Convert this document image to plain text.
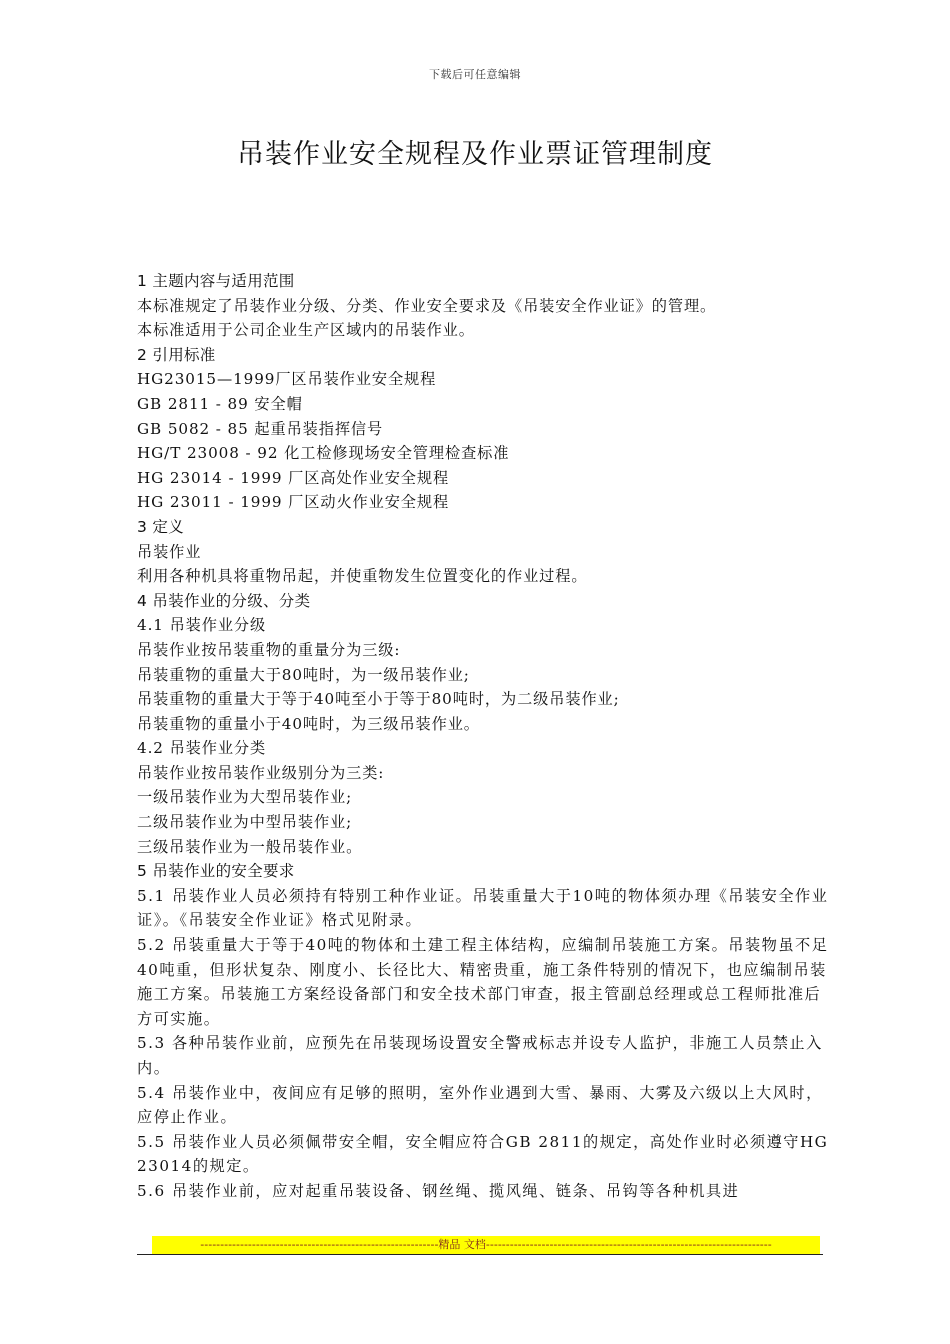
下载后可任意编辑
吊装作业安全规程及作业票证管理制度
1 主题内容与适用范围
本标准规定了吊装作业分级、分类、作业安全要求及《吊装安全作业证》的管理。
本标准适用于公司企业生产区域内的吊装作业。
2 引用标准
HG23015—1999厂区吊装作业安全规程
GB 2811 - 89 安全帽
GB 5082 - 85 起重吊装指挥信号
HG/T 23008 - 92 化工检修现场安全管理检查标准
HG 23014 - 1999 厂区高处作业安全规程
HG 23011 - 1999 厂区动火作业安全规程
3 定义
吊装作业
利用各种机具将重物吊起，并使重物发生位置变化的作业过程。
4 吊装作业的分级、分类
4.1 吊装作业分级
吊装作业按吊装重物的重量分为三级:
吊装重物的重量大于80吨时，为一级吊装作业;
吊装重物的重量大于等于40吨至小于等于80吨时，为二级吊装作业;
吊装重物的重量小于40吨时，为三级吊装作业。
4.2 吊装作业分类
吊装作业按吊装作业级别分为三类:
一级吊装作业为大型吊装作业;
二级吊装作业为中型吊装作业;
三级吊装作业为一般吊装作业。
5 吊装作业的安全要求
5.1 吊装作业人员必须持有特别工种作业证。吊装重量大于10吨的物体须办理《吊装安全作业证》。《吊装安全作业证》格式见附录。
5.2 吊装重量大于等于40吨的物体和土建工程主体结构，应编制吊装施工方案。吊装物虽不足40吨重，但形状复杂、刚度小、长径比大、精密贵重，施工条件特别的情况下，也应编制吊装施工方案。吊装施工方案经设备部门和安全技术部门审查，报主管副总经理或总工程师批准后方可实施。
5.3 各种吊装作业前，应预先在吊装现场设置安全警戒标志并设专人监护，非施工人员禁止入内。
5.4 吊装作业中，夜间应有足够的照明，室外作业遇到大雪、暴雨、大雾及六级以上大风时，应停止作业。
5.5 吊装作业人员必须佩带安全帽，安全帽应符合GB 2811的规定，高处作业时必须遵守HG 23014的规定。
5.6 吊装作业前，应对起重吊装设备、钢丝绳、揽风绳、链条、吊钩等各种机具进
------------------------------------------------------------精品 文档------------------------------------------------------------------------
